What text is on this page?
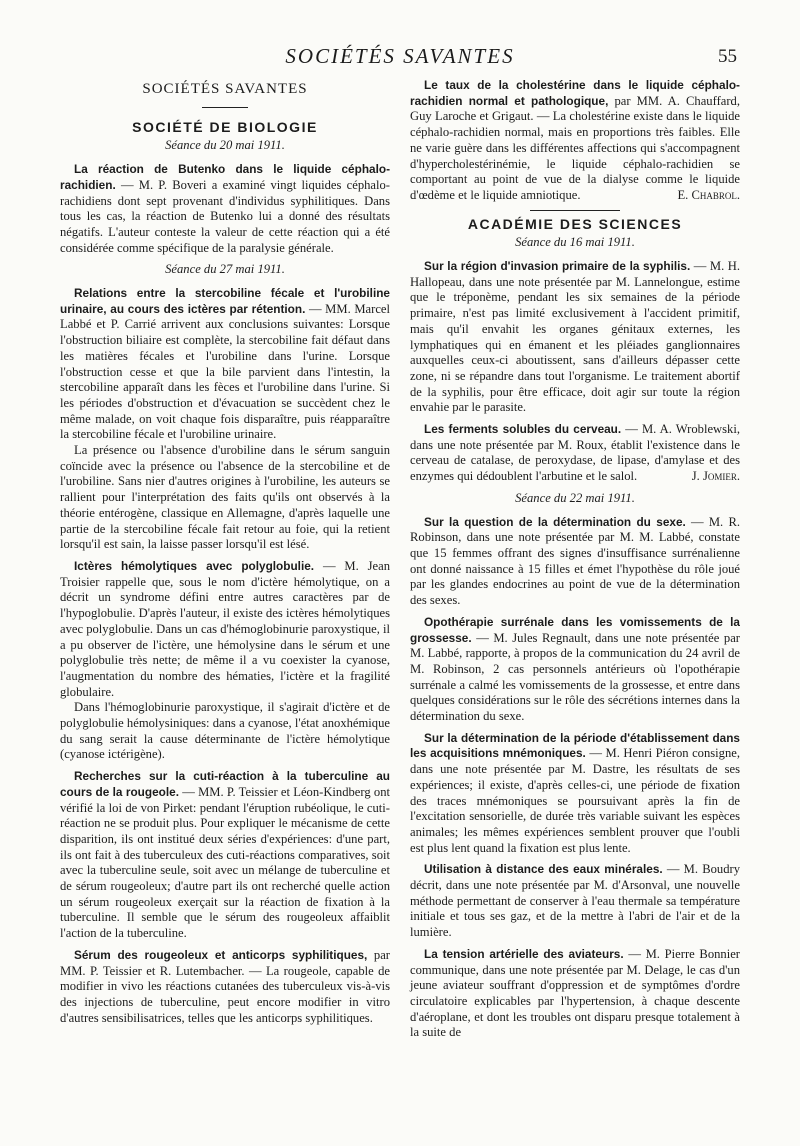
SOCIÉTÉS SAVANTES	55
SOCIÉTÉS SAVANTES
SOCIÉTÉ DE BIOLOGIE
Séance du 20 mai 1911.

La réaction de Butenko dans le liquide céphalo-rachidien. — M. P. Boveri a examiné vingt liquides céphalo-rachidiens dont sept provenant d'individus syphilitiques. Dans tous les cas, la réaction de Butenko lui a donné des résultats négatifs. L'auteur conteste la valeur de cette réaction qui a été considérée comme spécifique de la paralysie générale.

Séance du 27 mai 1911.

Relations entre la stercobiline fécale et l'urobiline urinaire, au cours des ictères par rétention. — MM. Marcel Labbé et P. Carrié arrivent aux conclusions suivantes: Lorsque l'obstruction biliaire est complète, la stercobiline fait défaut dans les matières fécales et l'urobiline dans l'urine. Lorsque l'obstruction cesse et que la bile parvient dans l'intestin, la stercobiline apparaît dans les fèces et l'urobiline dans l'urine. Si les périodes d'obstruction et d'évacuation se succèdent chez le même malade, on voit chaque fois disparaître, puis réapparaître la stercobiline fécale et l'urobiline urinaire.

La présence ou l'absence d'urobiline dans le sérum sanguin coïncide avec la présence ou l'absence de la stercobiline et de l'urobiline. Sans nier d'autres origines à l'urobiline, les auteurs se rallient pour l'interprétation des faits qu'ils ont observés à la théorie entérogène, classique en Allemagne, d'après laquelle une partie de la stercobiline fécale fait retour au foie, qui la retient lorsqu'il est sain, la laisse passer lorsqu'il est lésé.

Ictères hémolytiques avec polyglobulie. — M. Jean Troisier rappelle que, sous le nom d'ictère hémolytique, on a décrit un syndrome défini entre autres caractères par de l'hypoglobulie. D'après l'auteur, il existe des ictères hémolytiques avec polyglobulie. Dans un cas d'hémoglobinurie paroxystique, il a pu observer de l'ictère, une hémolysine dans le sérum et une polyglobulie très nette; de même il a vu coexister la cyanose, l'augmentation du nombre des hématies, l'ictère et la fragilité globulaire.

Dans l'hémoglobinurie paroxystique, il s'agirait d'ictère et de polyglobulie hémolysiniques: dans a cyanose, l'état anoxhémique du sang serait la cause déterminante de l'ictère hémolytique (cyanose ictérigène).

Recherches sur la cuti-réaction à la tuberculine au cours de la rougeole. — MM. P. Teissier et Léon-Kindberg ont vérifié la loi de von Pirket: pendant l'éruption rubéolique, le cuti-réaction ne se produit plus. Pour expliquer le mécanisme de cette disparition, ils ont institué deux séries d'expériences: d'une part, ils ont fait à des tuberculeux des cuti-réactions comparatives, soit avec la tuberculine seule, soit avec un mélange de tuberculine et de sérum rougeoleux; d'autre part ils ont recherché quelle action un sérum rougeoleux exerçait sur la réaction de fixation à la tuberculine. Il semble que le sérum des rougeoleux affaiblit l'action de la tuberculine.

Sérum des rougeoleux et anticorps syphilitiques, par MM. P. Teissier et R. Lutembacher. — La rougeole, capable de modifier in vivo les réactions cutanées des tuberculeux vis-à-vis des injections de tuberculine, peut encore modifier in vitro d'autres sensibilisatrices, telles que les anticorps syphilitiques.

Le taux de la cholestérine dans le liquide céphalo-rachidien normal et pathologique, par MM. A. Chauffard, Guy Laroche et Grigaut. — La cholestérine existe dans le liquide céphalo-rachidien normal, mais en proportions très faibles. Elle ne varie guère dans les différentes affections qui s'accompagnent d'hypercholestérinémie, le liquide céphalo-rachidien se comportant au point de vue de la dialyse comme le liquide d'œdème et le liquide amniotique.	E. Chabrol.

ACADÉMIE DES SCIENCES
Séance du 16 mai 1911.

Sur la région d'invasion primaire de la syphilis. — M. H. Hallopeau, dans une note présentée par M. Lannelongue, estime que le tréponème, pendant les six semaines de la période primaire, n'est pas limité exclusivement à l'accident primitif, mais qu'il envahit les organes génitaux externes, les lymphatiques qui en émanent et les pléiades ganglionnaires auxquelles ceux-ci aboutissent, sans d'ailleurs dépasser cette zone, ni se répandre dans tout l'organisme. Le traitement abortif de la syphilis, pour être efficace, doit agir sur toute la région envahie par le parasite.

Les ferments solubles du cerveau. — M. A. Wroblewski, dans une note présentée par M. Roux, établit l'existence dans le cerveau de catalase, de peroxydase, de lipase, d'amylase et des enzymes qui dédoublent l'arbutine et le salol.	J. Jomier.

Séance du 22 mai 1911.

Sur la question de la détermination du sexe. — M. R. Robinson, dans une note présentée par M. M. Labbé, constate que 15 femmes offrant des signes d'insuffisance surrénalienne ont donné naissance à 15 filles et émet l'hypothèse du rôle joué par les glandes endocrines au point de vue de la détermination des sexes.

Opothérapie surrénale dans les vomissements de la grossesse. — M. Jules Regnault, dans une note présentée par M. Labbé, rapporte, à propos de la communication du 24 avril de M. Robinson, 2 cas personnels antérieurs où l'opothérapie surrénale a calmé les vomissements de la grossesse, et entre dans quelques considérations sur le rôle des sécrétions internes dans la détermination du sexe.

Sur la détermination de la période d'établissement dans les acquisitions mnémoniques. — M. Henri Piéron consigne, dans une note présentée par M. Dastre, les résultats de ses expériences; il existe, d'après celles-ci, une période de fixation des traces mnémoniques se poursuivant après la fin de l'excitation sensorielle, de durée très variable suivant les espèces animales; les mêmes expériences semblent prouver que l'oubli est plus lent quand la fixation est plus lente.

Utilisation à distance des eaux minérales. — M. Boudry décrit, dans une note présentée par M. d'Arsonval, une nouvelle méthode permettant de conserver à l'eau thermale sa température initiale et tous ses gaz, et de la mettre à l'abri de l'air et de la lumière.

La tension artérielle des aviateurs. — M. Pierre Bonnier communique, dans une note présentée par M. Delage, le cas d'un jeune aviateur souffrant d'oppression et de symptômes d'ordre circulatoire explicables par l'hypertension, à chaque descente d'aéroplane, et dont les troubles ont disparu presque totalement à la suite de
